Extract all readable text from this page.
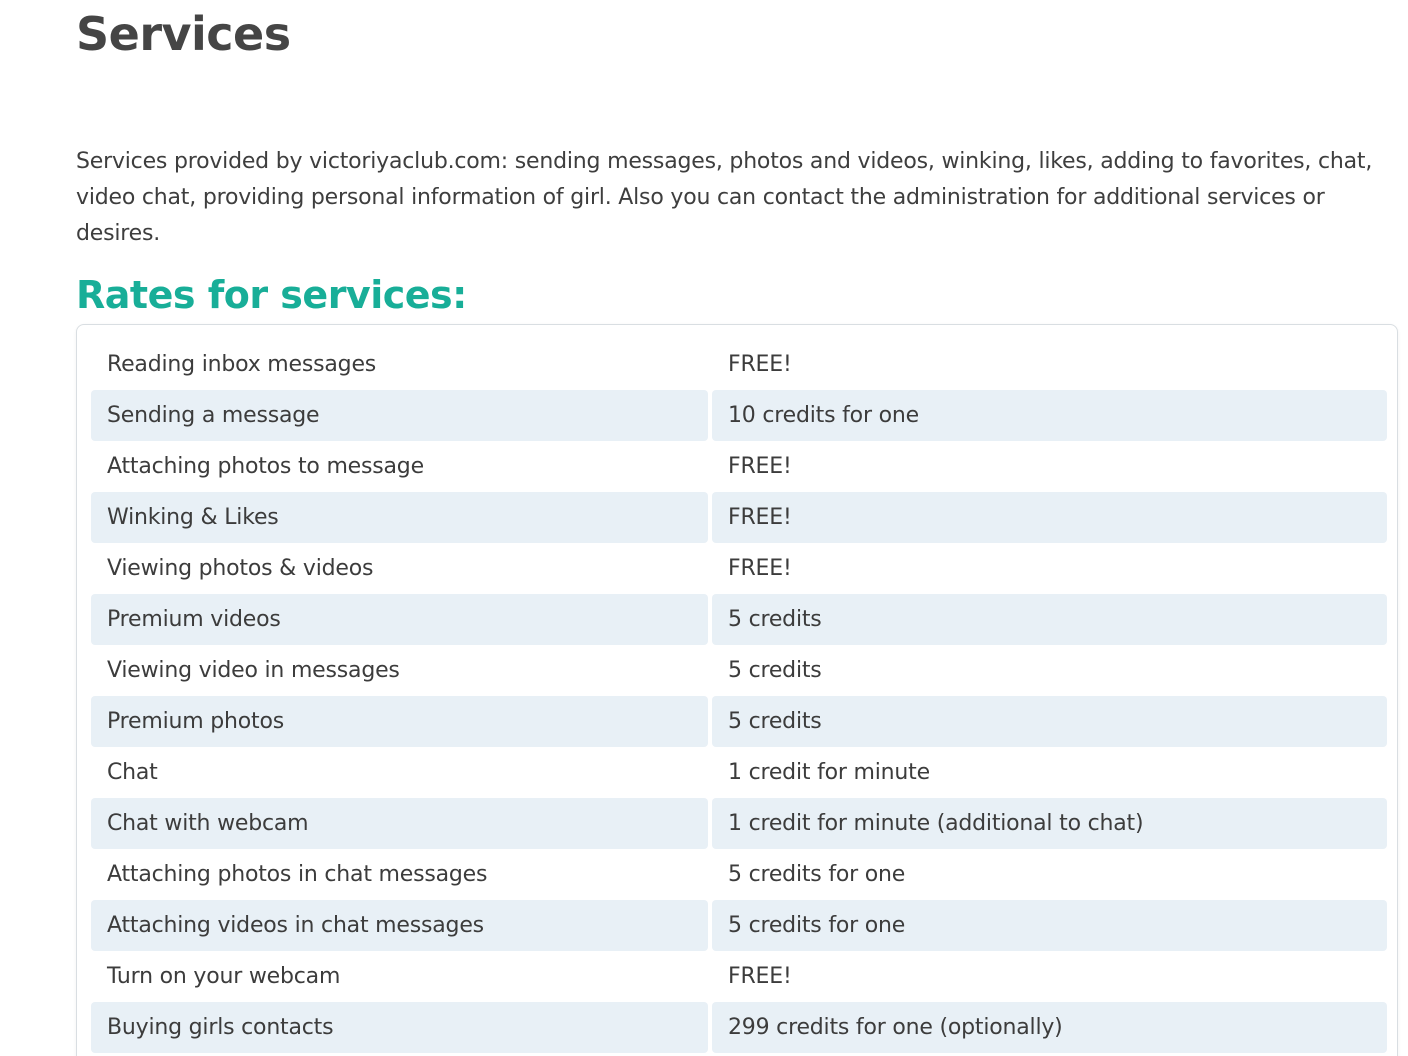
Services

Services provided by victoriyaclub.com: sending messages, photos and videos, winking, likes, adding to favorites, chat, video chat, providing personal information of girl. Also you can contact the administration for additional services or desires.

Rates for services:
Reading inbox messages	FREE!
Sending a message	10 credits for one
Attaching photos to message	FREE!
Winking & Likes	FREE!
Viewing photos & videos	FREE!
Premium videos	5 credits
Viewing video in messages	5 credits
Premium photos	5 credits
Chat	1 credit for minute
Chat with webcam	1 credit for minute (additional to chat)
Attaching photos in chat messages	5 credits for one
Attaching videos in chat messages	5 credits for one
Turn on your webcam	FREE!
Buying girls contacts	299 credits for one (optionally)
